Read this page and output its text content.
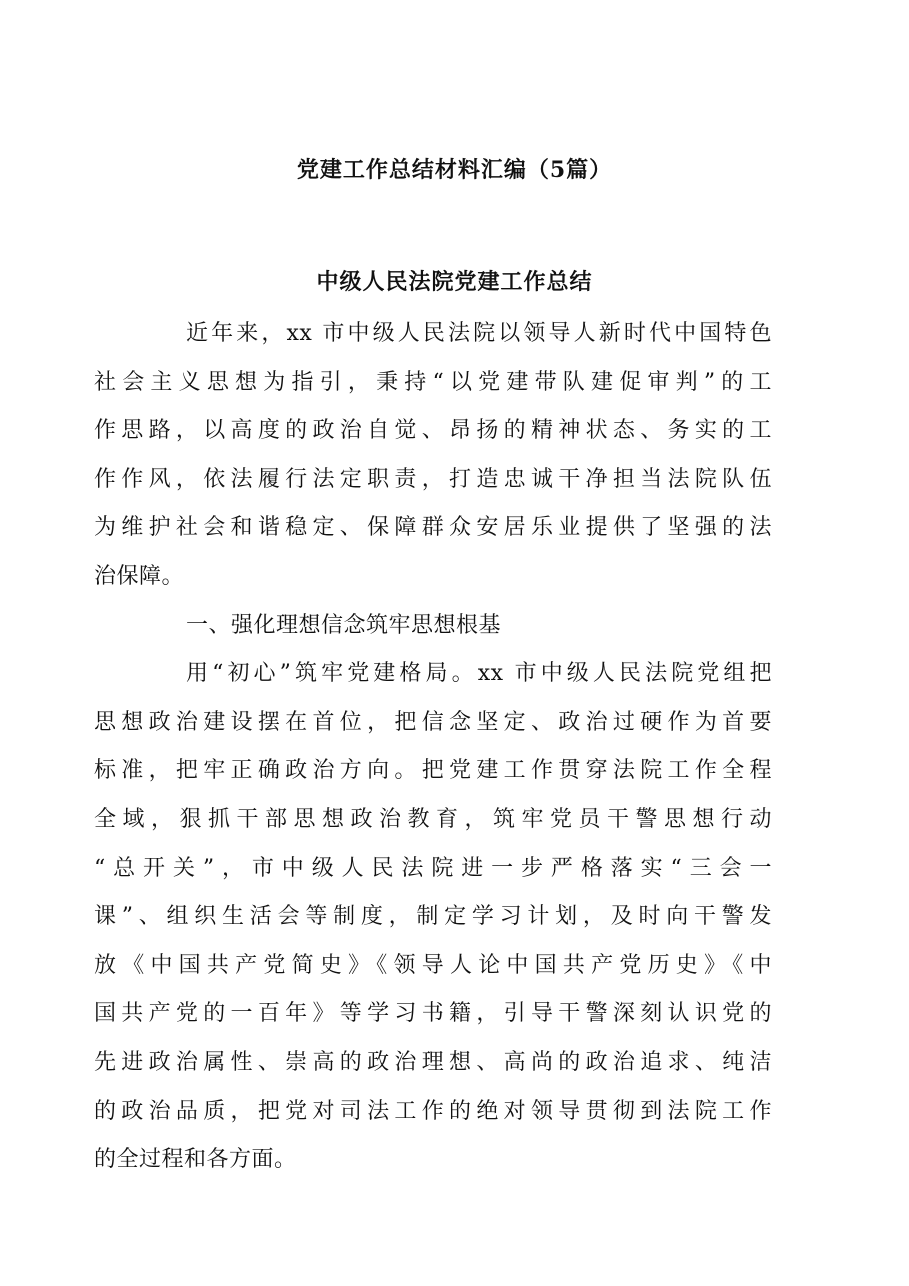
党建工作总结材料汇编（5篇）
中级人民法院党建工作总结

近年来，xx 市中级人民法院以领导人新时代中国特色
社会主义思想为指引，秉持“以党建带队建促审判”的工
作思路，以高度的政治自觉、昂扬的精神状态、务实的工
作作风，依法履行法定职责，打造忠诚干净担当法院队伍
为维护社会和谐稳定、保障群众安居乐业提供了坚强的法
治保障。

一、强化理想信念筑牢思想根基

用“初心”筑牢党建格局。xx 市中级人民法院党组把
思想政治建设摆在首位，把信念坚定、政治过硬作为首要
标准，把牢正确政治方向。把党建工作贯穿法院工作全程
全域，狠抓干部思想政治教育，筑牢党员干警思想行动
“总开关”，市中级人民法院进一步严格落实“三会一
课”、组织生活会等制度，制定学习计划，及时向干警发
放《中国共产党简史》《领导人论中国共产党历史》《中
国共产党的一百年》等学习书籍，引导干警深刻认识党的
先进政治属性、崇高的政治理想、高尚的政治追求、纯洁
的政治品质，把党对司法工作的绝对领导贯彻到法院工作
的全过程和各方面。
